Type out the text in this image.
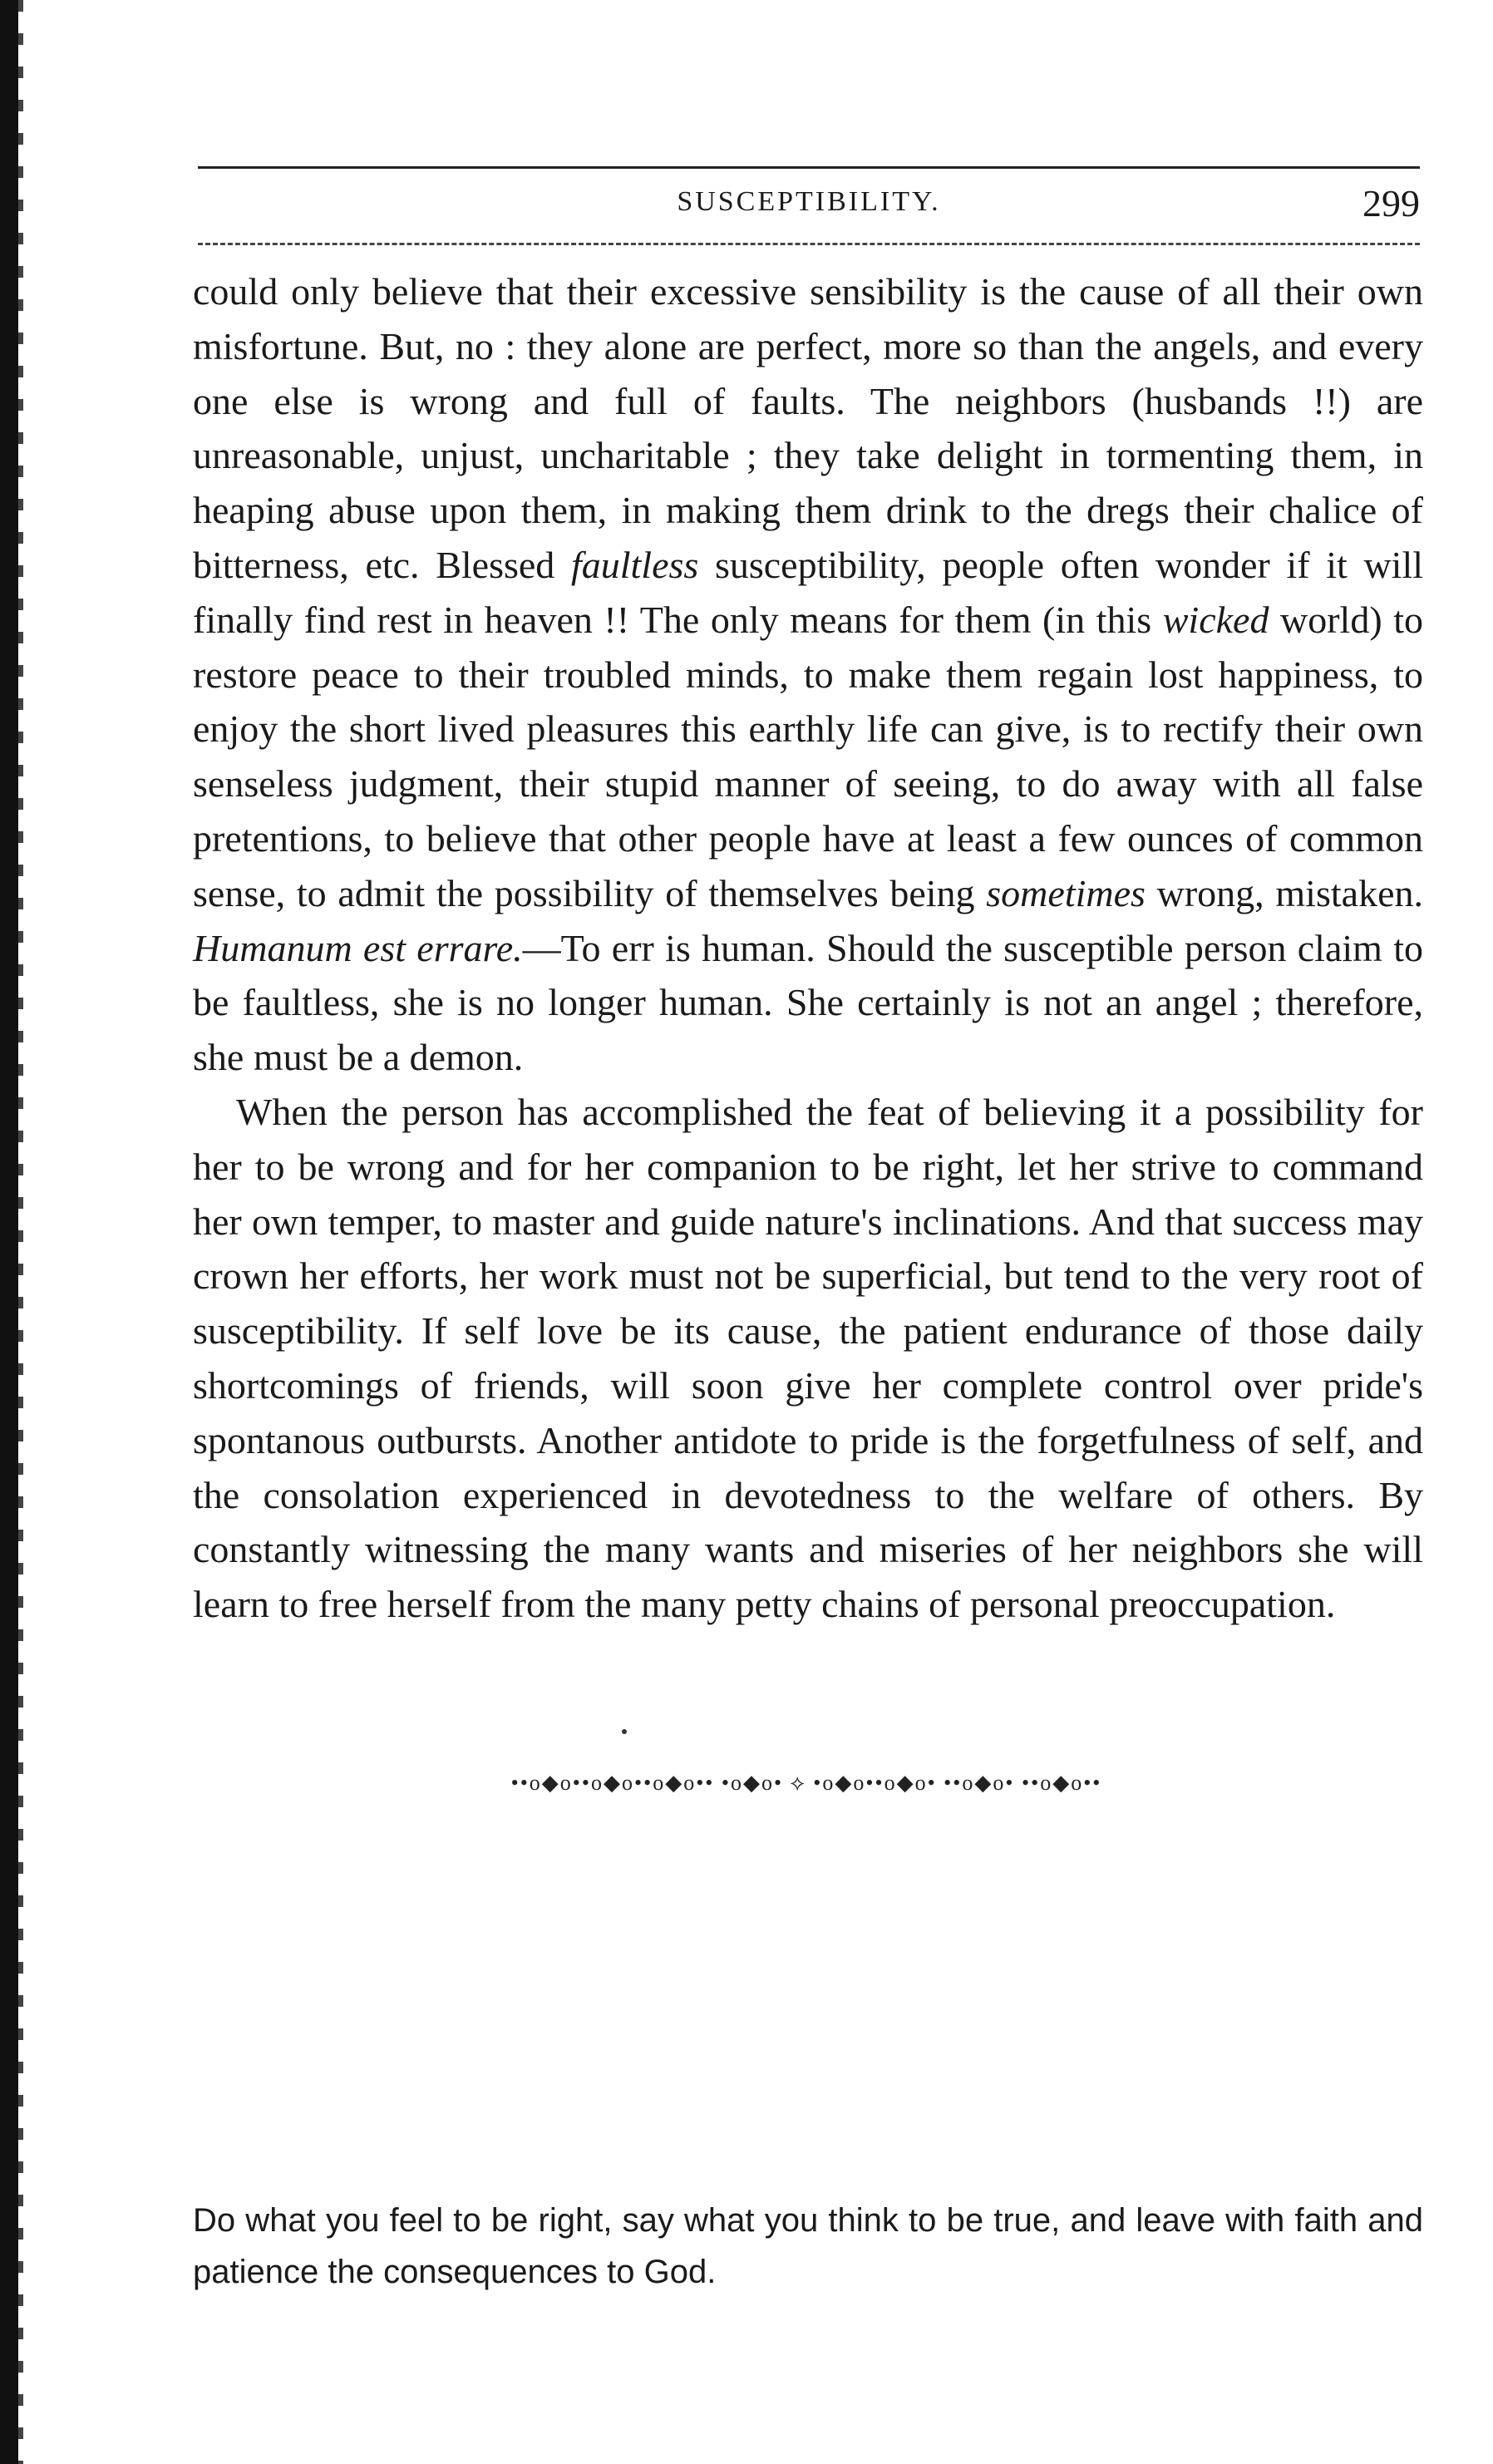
SUSCEPTIBILITY.	299

could only believe that their excessive sensibility is the cause of all their own misfortune. But, no : they alone are perfect, more so than the angels, and every one else is wrong and full of faults. The neighbors (husbands !!) are unreasonable, unjust, uncharitable ; they take delight in tormenting them, in heaping abuse upon them, in making them drink to the dregs their chalice of bitterness, etc. Blessed faultless susceptibility, people often wonder if it will finally find rest in heaven !! The only means for them (in this wicked world) to restore peace to their troubled minds, to make them regain lost happiness, to enjoy the short lived pleasures this earthly life can give, is to rectify their own senseless judgment, their stupid manner of seeing, to do away with all false pretentions, to believe that other people have at least a few ounces of common sense, to admit the possibility of themselves being sometimes wrong, mistaken. Humanum est errare.—To err is human. Should the susceptible person claim to be faultless, she is no longer human. She certainly is not an angel ; therefore, she must be a demon.

When the person has accomplished the feat of believing it a possibility for her to be wrong and for her companion to be right, let her strive to command her own temper, to master and guide nature's inclinations. And that success may crown her efforts, her work must not be superficial, but tend to the very root of susceptibility. If self love be its cause, the patient endurance of those daily shortcomings of friends, will soon give her complete control over pride's spontanous outbursts. Another antidote to pride is the forgetfulness of self, and the consolation experienced in devotedness to the welfare of others. By constantly witnessing the many wants and miseries of her neighbors she will learn to free herself from the many petty chains of personal preoccupation.

••o◆o••o◆o••o◆o•• •o◆o• ⟡ •o◆o••o◆o• ••o◆o• ••o◆o••

Do what you feel to be right, say what you think to be true, and leave with faith and patience the consequences to God.
